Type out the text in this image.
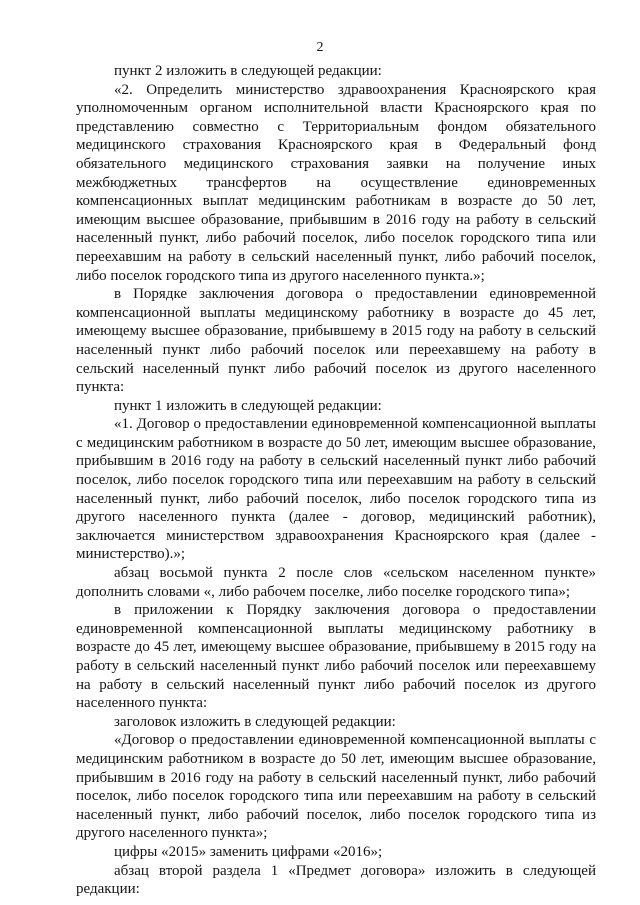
2

пункт 2 изложить в следующей редакции:

«2. Определить министерство здравоохранения Красноярского края уполномоченным органом исполнительной власти Красноярского края по представлению совместно с Территориальным фондом обязательного медицинского страхования Красноярского края в Федеральный фонд обязательного медицинского страхования заявки на получение иных межбюджетных трансфертов на осуществление единовременных компенсационных выплат медицинским работникам в возрасте до 50 лет, имеющим высшее образование, прибывшим в 2016 году на работу в сельский населенный пункт, либо рабочий поселок, либо поселок городского типа или переехавшим на работу в сельский населенный пункт, либо рабочий поселок, либо поселок городского типа из другого населенного пункта.»;

в Порядке заключения договора о предоставлении единовременной компенсационной выплаты медицинскому работнику в возрасте до 45 лет, имеющему высшее образование, прибывшему в 2015 году на работу в сельский населенный пункт либо рабочий поселок или переехавшему на работу в сельский населенный пункт либо рабочий поселок из другого населенного пункта:

пункт 1 изложить в следующей редакции:

«1. Договор о предоставлении единовременной компенсационной выплаты с медицинским работником в возрасте до 50 лет, имеющим высшее образование, прибывшим в 2016 году на работу в сельский населенный пункт либо рабочий поселок, либо поселок городского типа или переехавшим на работу в сельский населенный пункт, либо рабочий поселок, либо поселок городского типа из другого населенного пункта (далее - договор, медицинский работник), заключается министерством здравоохранения Красноярского края (далее - министерство).»;

абзац восьмой пункта 2 после слов «сельском населенном пункте» дополнить словами «, либо рабочем поселке, либо поселке городского типа»;

в приложении к Порядку заключения договора о предоставлении единовременной компенсационной выплаты медицинскому работнику в возрасте до 45 лет, имеющему высшее образование, прибывшему в 2015 году на работу в сельский населенный пункт либо рабочий поселок или переехавшему на работу в сельский населенный пункт либо рабочий поселок из другого населенного пункта:

заголовок изложить в следующей редакции:

«Договор о предоставлении единовременной компенсационной выплаты с медицинским работником в возрасте до 50 лет, имеющим высшее образование, прибывшим в 2016 году на работу в сельский населенный пункт, либо рабочий поселок, либо поселок городского типа или переехавшим на работу в сельский населенный пункт, либо рабочий поселок, либо поселок городского типа из другого населенного пункта»;

цифры «2015» заменить цифрами «2016»;

абзац второй раздела 1 «Предмет договора» изложить в следующей редакции:
